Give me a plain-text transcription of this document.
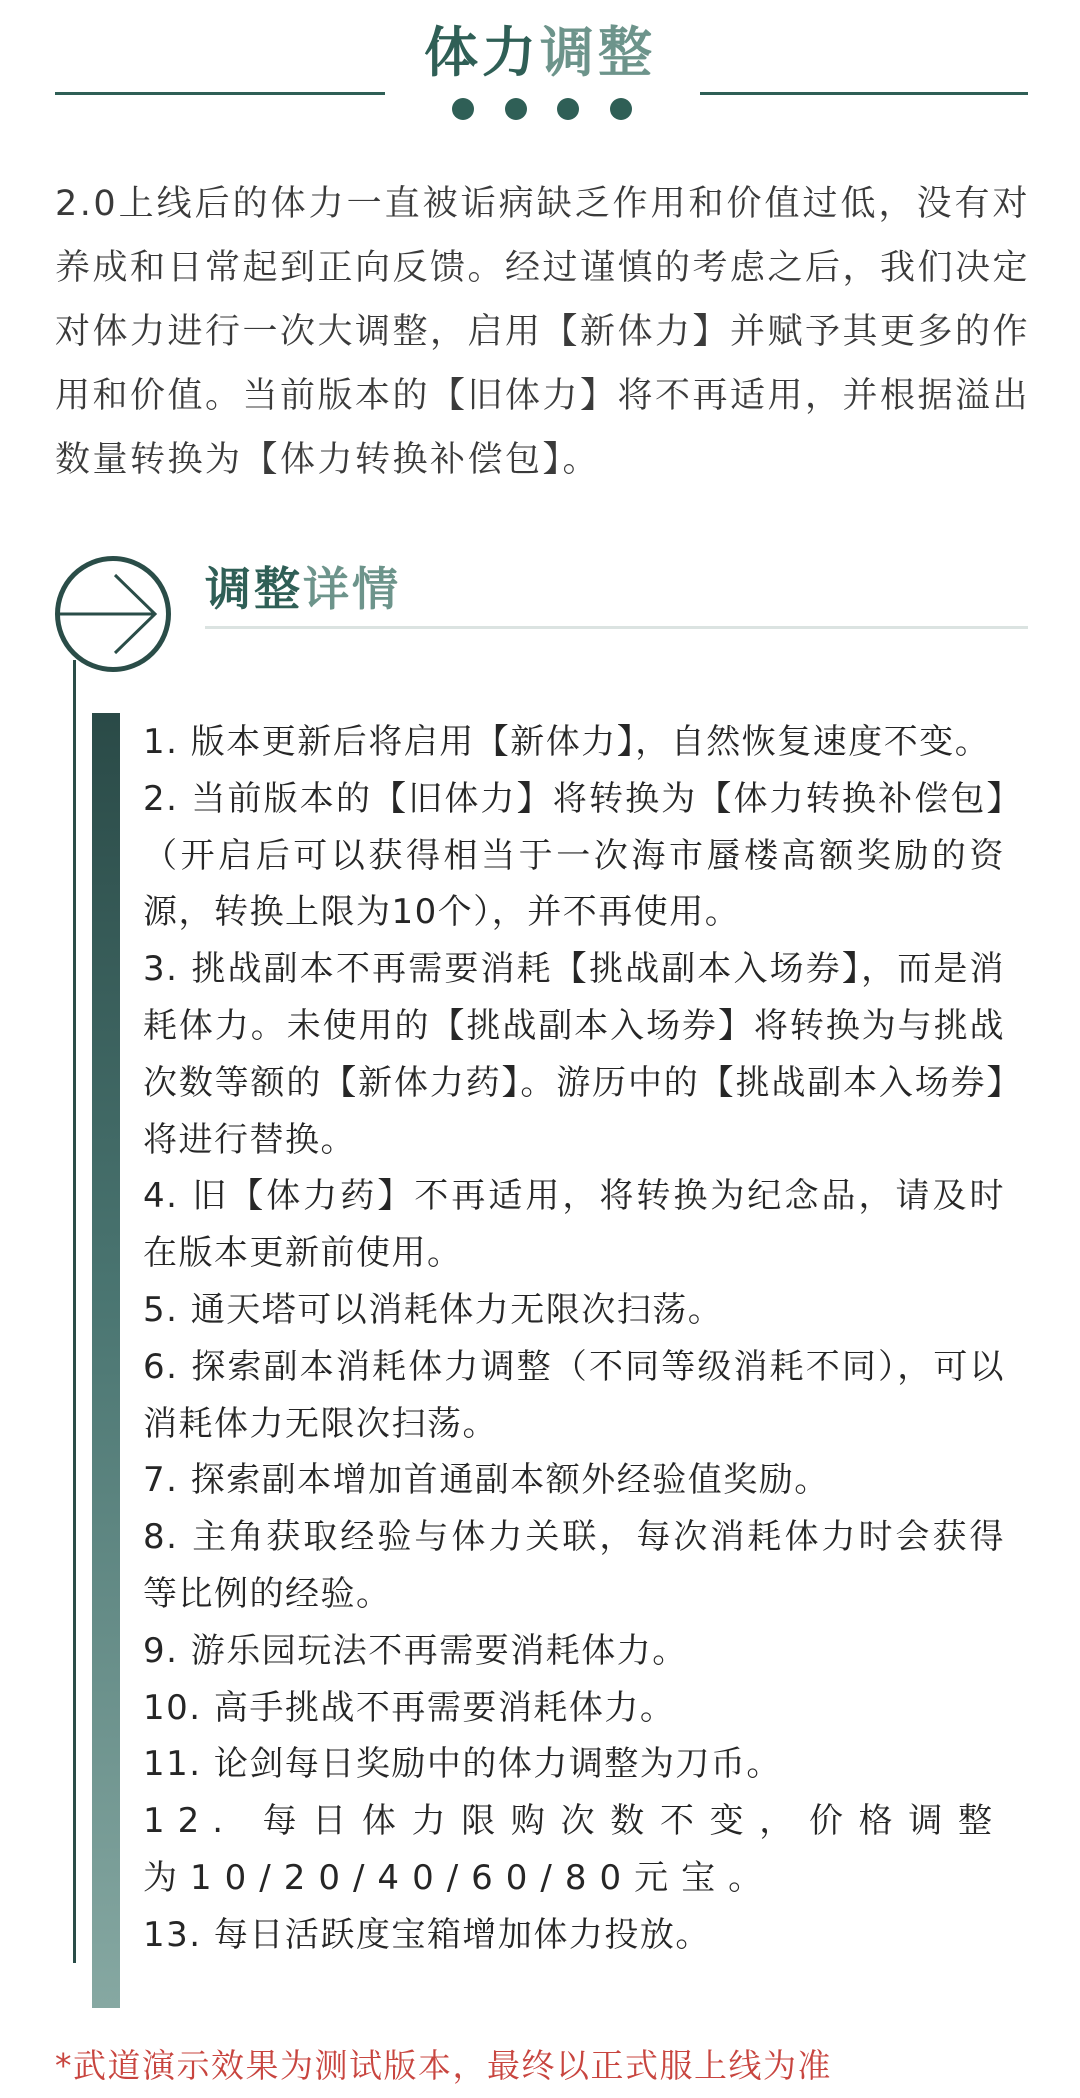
体力调整
2.0上线后的体力一直被诟病缺乏作用和价值过低，没有对养成和日常起到正向反馈。经过谨慎的考虑之后，我们决定对体力进行一次大调整，启用【新体力】并赋予其更多的作用和价值。当前版本的【旧体力】将不再适用，并根据溢出数量转换为【体力转换补偿包】。
调整详情
1. 版本更新后将启用【新体力】，自然恢复速度不变。
2. 当前版本的【旧体力】将转换为【体力转换补偿包】（开启后可以获得相当于一次海市蜃楼高额奖励的资源，转换上限为10个），并不再使用。
3. 挑战副本不再需要消耗【挑战副本入场券】，而是消耗体力。未使用的【挑战副本入场券】将转换为与挑战次数等额的【新体力药】。游历中的【挑战副本入场券】将进行替换。
4. 旧【体力药】不再适用，将转换为纪念品，请及时在版本更新前使用。
5. 通天塔可以消耗体力无限次扫荡。
6. 探索副本消耗体力调整（不同等级消耗不同），可以消耗体力无限次扫荡。
7. 探索副本增加首通副本额外经验值奖励。
8. 主角获取经验与体力关联，每次消耗体力时会获得等比例的经验。
9. 游乐园玩法不再需要消耗体力。
10. 高手挑战不再需要消耗体力。
11. 论剑每日奖励中的体力调整为刀币。
12. 每日体力限购次数不变，价格调整为10/20/40/60/80元宝。
13. 每日活跃度宝箱增加体力投放。
*武道演示效果为测试版本，最终以正式服上线为准
